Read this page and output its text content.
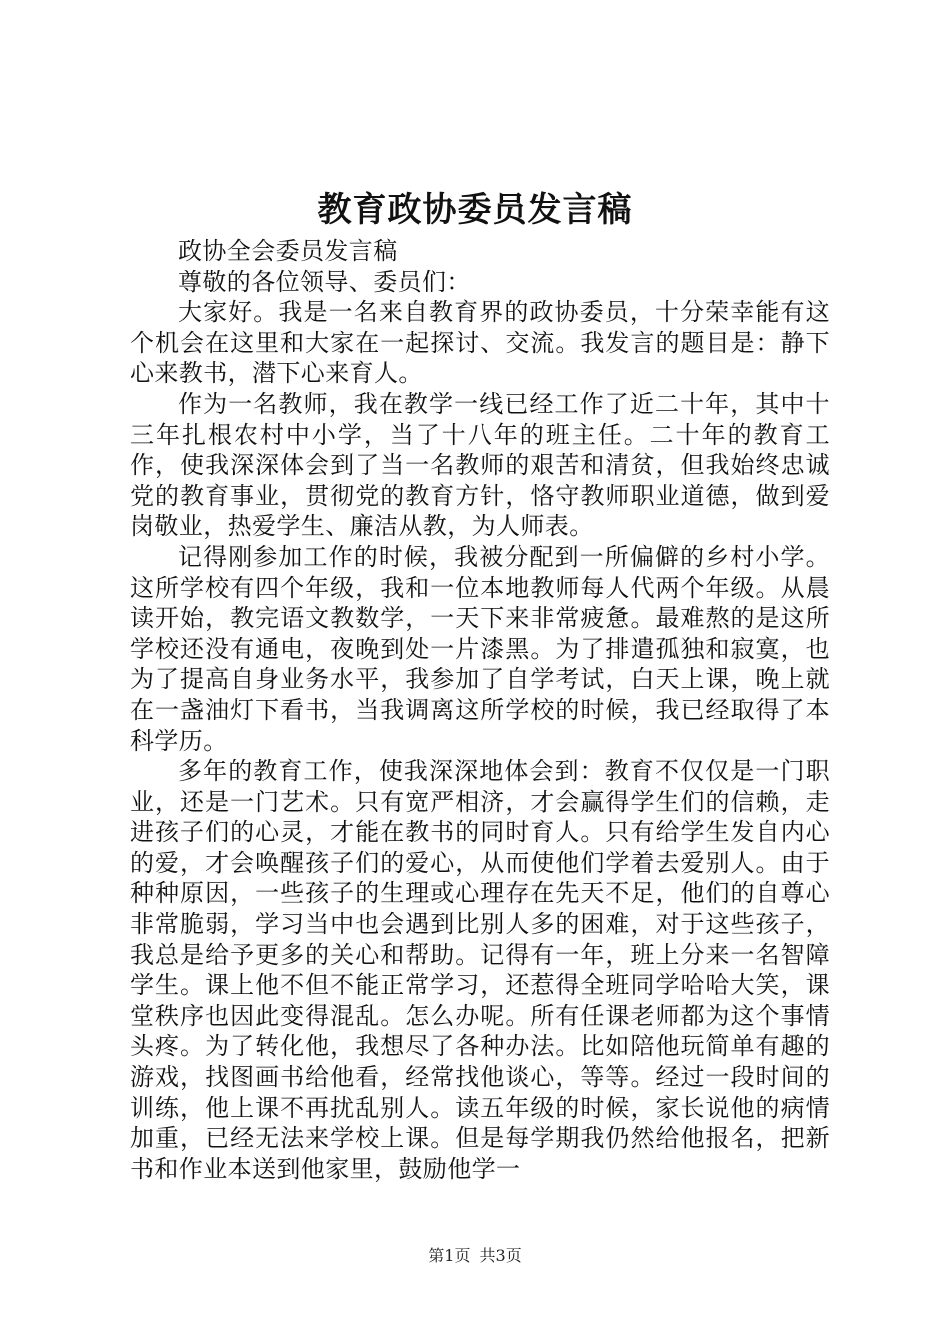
教育政协委员发言稿

政协全会委员发言稿

尊敬的各位领导、委员们：

大家好。我是一名来自教育界的政协委员，十分荣幸能有这个机会在这里和大家在一起探讨、交流。我发言的题目是：静下心来教书，潜下心来育人。

作为一名教师，我在教学一线已经工作了近二十年，其中十三年扎根农村中小学，当了十八年的班主任。二十年的教育工作，使我深深体会到了当一名教师的艰苦和清贫，但我始终忠诚党的教育事业，贯彻党的教育方针，恪守教师职业道德，做到爱岗敬业，热爱学生、廉洁从教，为人师表。

记得刚参加工作的时候，我被分配到一所偏僻的乡村小学。这所学校有四个年级，我和一位本地教师每人代两个年级。从晨读开始，教完语文教数学，一天下来非常疲惫。最难熬的是这所学校还没有通电，夜晚到处一片漆黑。为了排遣孤独和寂寞，也为了提高自身业务水平，我参加了自学考试，白天上课，晚上就在一盏油灯下看书，当我调离这所学校的时候，我已经取得了本科学历。

多年的教育工作，使我深深地体会到：教育不仅仅是一门职业，还是一门艺术。只有宽严相济，才会赢得学生们的信赖，走进孩子们的心灵，才能在教书的同时育人。只有给学生发自内心的爱，才会唤醒孩子们的爱心，从而使他们学着去爱别人。由于种种原因，一些孩子的生理或心理存在先天不足，他们的自尊心非常脆弱，学习当中也会遇到比别人多的困难，对于这些孩子，我总是给予更多的关心和帮助。记得有一年，班上分来一名智障学生。课上他不但不能正常学习，还惹得全班同学哈哈大笑，课堂秩序也因此变得混乱。怎么办呢。所有任课老师都为这个事情头疼。为了转化他，我想尽了各种办法。比如陪他玩简单有趣的游戏，找图画书给他看，经常找他谈心，等等。经过一段时间的训练，他上课不再扰乱别人。读五年级的时候，家长说他的病情加重，已经无法来学校上课。但是每学期我仍然给他报名，把新书和作业本送到他家里，鼓励他学一

第1页 共3页
